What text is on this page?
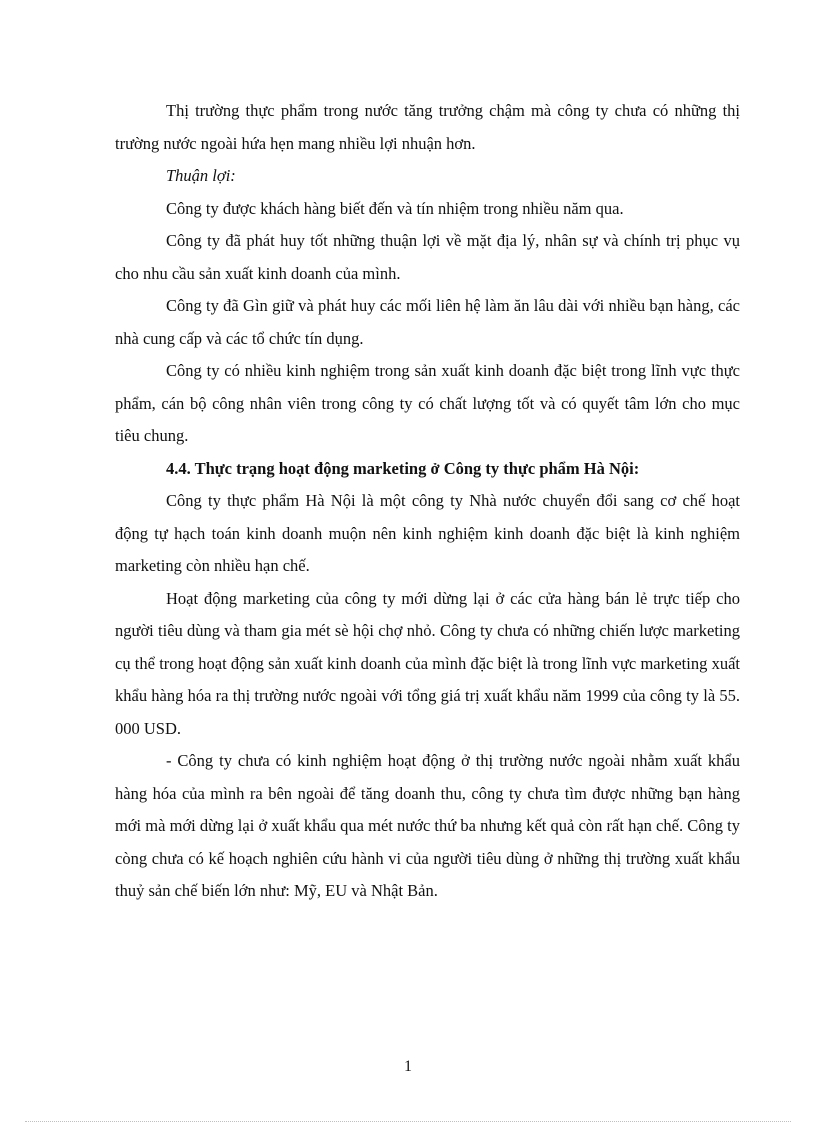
Thị trường thực phẩm trong nước tăng trưởng chậm mà công ty chưa có những thị trường nước ngoài hứa hẹn mang nhiều lợi nhuận hơn.

Thuận lợi:

Công ty được khách hàng biết đến và tín nhiệm trong nhiều năm qua.

Công ty đã phát huy tốt những thuận lợi về mặt địa lý, nhân sự và chính trị phục vụ cho nhu cầu sản xuất kinh doanh của mình.

Công ty đã Gìn giữ và phát huy các mối liên hệ làm ăn lâu dài với nhiều bạn hàng, các nhà cung cấp và các tổ chức tín dụng.

Công ty có nhiều kinh nghiệm trong sản xuất kinh doanh đặc biệt trong lĩnh vực thực phẩm, cán bộ công nhân viên trong công ty có chất lượng tốt và có quyết tâm lớn cho mục tiêu chung.

4.4. Thực trạng hoạt động marketing ở Công ty thực phẩm Hà Nội:

Công ty thực phẩm Hà Nội là một công ty Nhà nước chuyển đổi sang cơ chế hoạt động tự hạch toán kinh doanh muộn nên kinh nghiệm kinh doanh đặc biệt là kinh nghiệm marketing còn nhiều hạn chế.

Hoạt động marketing của công ty mới dừng lại ở các cửa hàng bán lẻ trực tiếp cho người tiêu dùng và tham gia mét sè hội chợ nhỏ. Công ty chưa có những chiến lược marketing cụ thể trong hoạt động sản xuất kinh doanh của mình đặc biệt là trong lĩnh vực marketing xuất khẩu hàng hóa ra thị trường nước ngoài với tổng giá trị xuất khẩu năm 1999 của công ty là 55. 000 USD.

- Công ty chưa có kinh nghiệm hoạt động ở thị trường nước ngoài nhằm xuất khẩu hàng hóa của mình ra bên ngoài để tăng doanh thu, công ty chưa tìm được những bạn hàng mới mà mới dừng lại ở xuất khẩu qua mét nước thứ ba nhưng kết quả còn rất hạn chế. Công ty còng chưa có kế hoạch nghiên cứu hành vi của người tiêu dùng ở những thị trường xuất khẩu thuỷ sản chế biến lớn như: Mỹ, EU và Nhật Bản.

1
